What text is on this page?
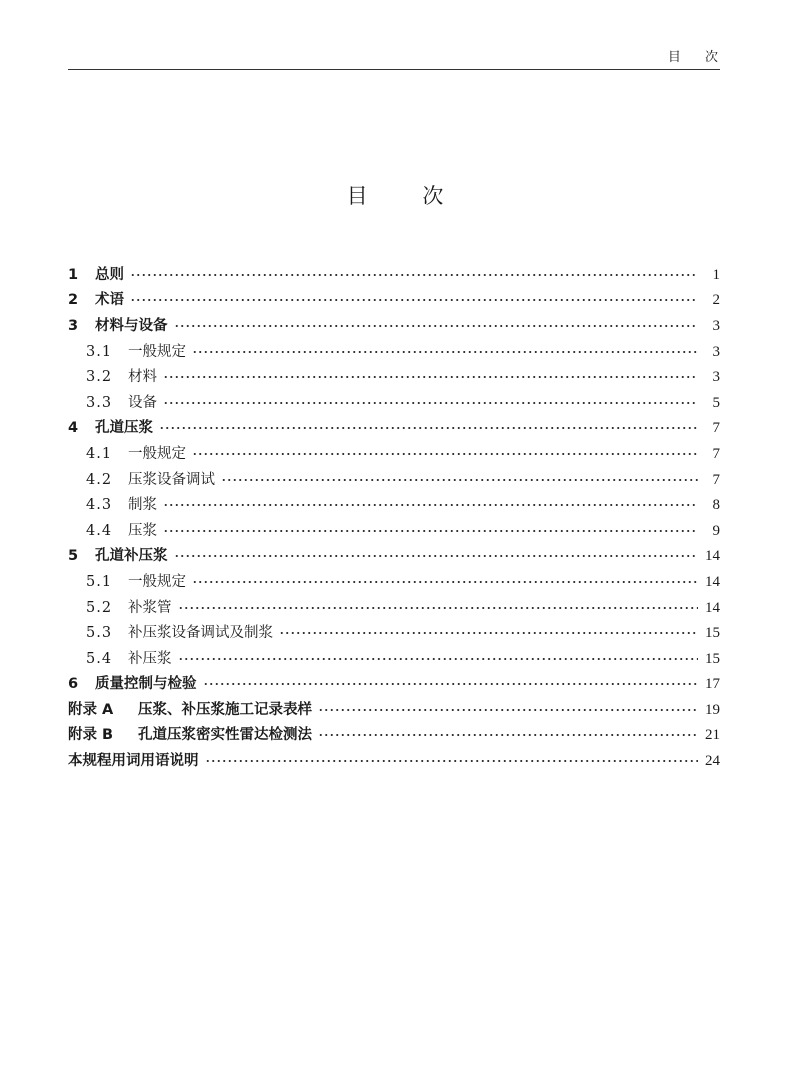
目 次
目 次
1	总则	1
2	术语	2
3	材料与设备	3
3.1	一般规定	3
3.2	材料	3
3.3	设备	5
4	孔道压浆	7
4.1	一般规定	7
4.2	压浆设备调试	7
4.3	制浆	8
4.4	压浆	9
5	孔道补压浆	14
5.1	一般规定	14
5.2	补浆管	14
5.3	补压浆设备调试及制浆	15
5.4	补压浆	15
6	质量控制与检验	17
附录 A	压浆、补压浆施工记录表样	19
附录 B	孔道压浆密实性雷达检测法	21
本规程用词用语说明	24
